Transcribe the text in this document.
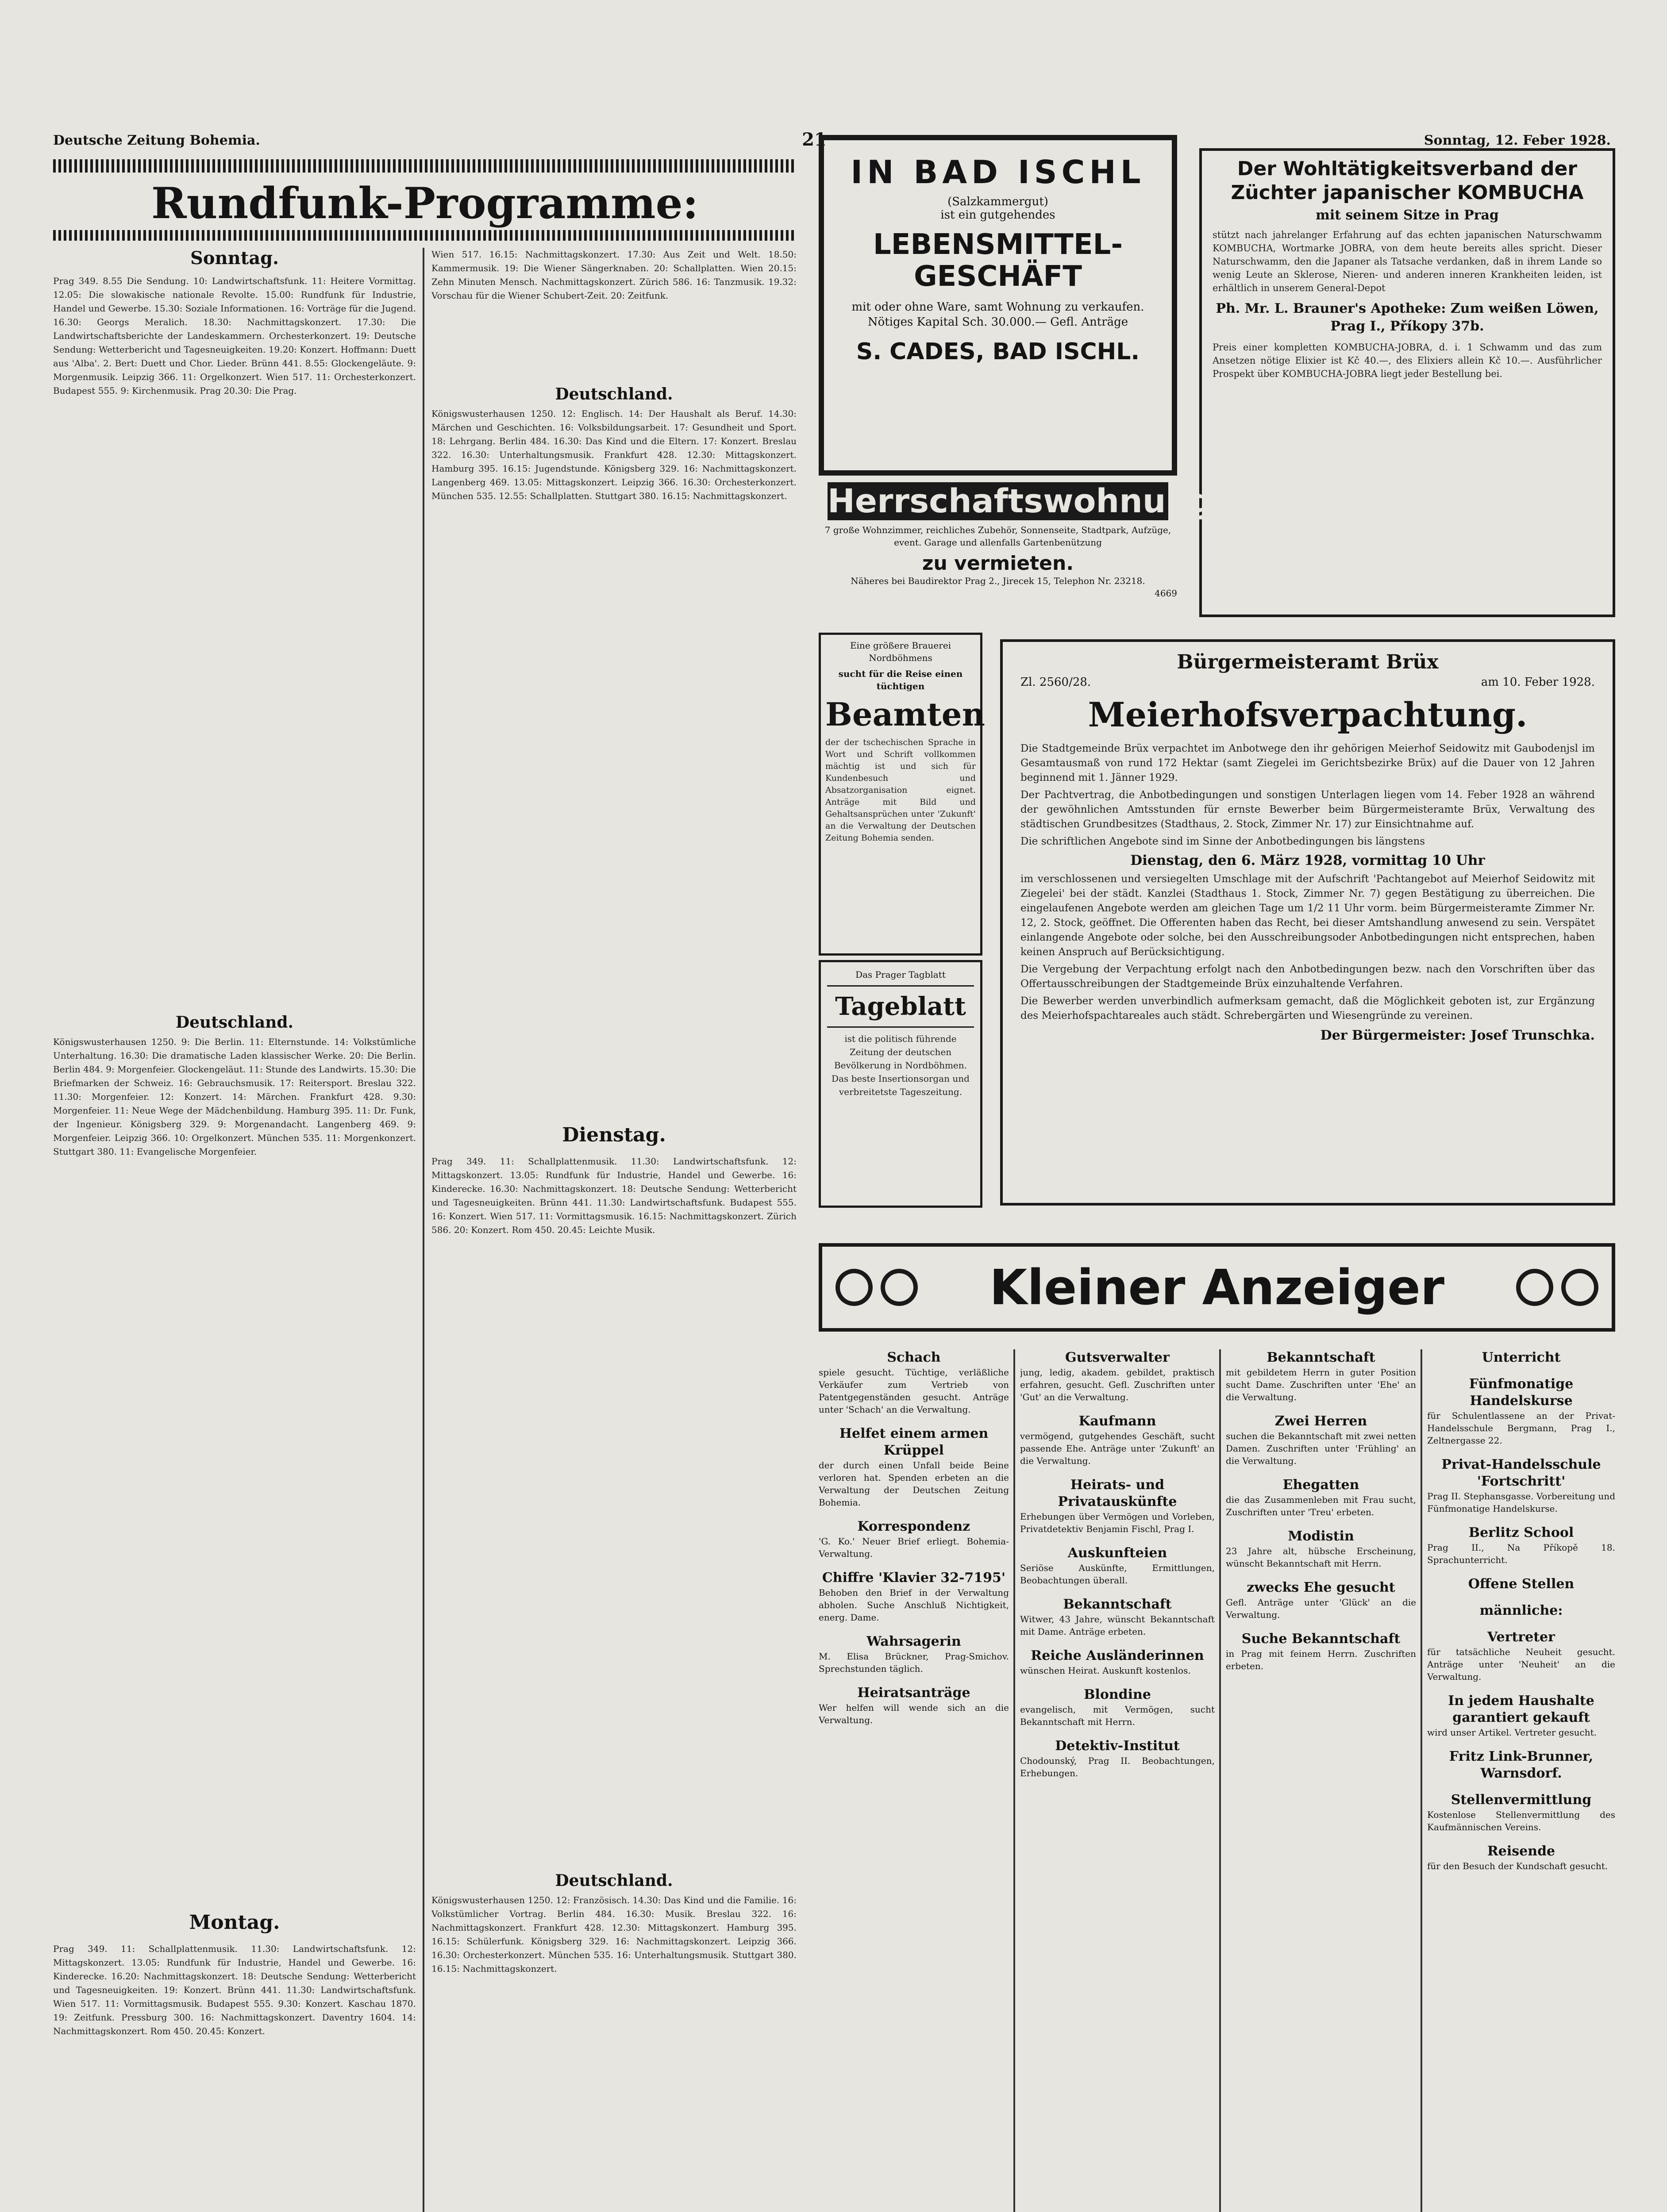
Deutsche Zeitung Bohemia.	21	Sonntag, 12. Feber 1928.
Rundfunk-Programme:
Sonntag.
Prag 349. 8.55 Die Sendung. 10: Landwirtschaftsfunk. 11: Heitere Vormittag. 12.05: Die slowakische nationale Revolte. 15.00: Rundfunk für Industrie, Handel und Gewerbe. 15.30: Soziale Informationen. 16: Vorträge für die Jugend. 16.30: Georgs Meralich. 18.30: Nachmittagskonzert. 17.30: Die Landwirtschaftsberichte der Landeskammern. Orchesterkonzert. 19: Deutsche Sendung: Wetterbericht und Tagesneuigkeiten. 19.20: Konzert. Hoffmann: Duett aus 'Alba'. 2. Bert: Duett und Chor. Lieder. Brünn 441. 8.55: Glockengeläute. 9: Morgenmusik. Leipzig 366. 11: Orgelkonzert. Wien 517. 11: Orchesterkonzert. Budapest 555. 9: Kirchenmusik. Prag 20.30: Die Prag.
Deutschland.
Königswusterhausen 1250. 9: Die Berlin. 11: Elternstunde. 14: Volkstümliche Unterhaltung. 16.30: Die dramatische Laden klassischer Werke. 20: Die Berlin. Berlin 484. 9: Morgenfeier. Glockengeläut. 11: Stunde des Landwirts. 15.30: Die Briefmarken der Schweiz. 16: Gebrauchsmusik. 17: Reitersport. Breslau 322. 11.30: Morgenfeier. 12: Konzert. 14: Märchen. Frankfurt 428. 9.30: Morgenfeier. 11: Neue Wege der Mädchenbildung. Hamburg 395. 11: Dr. Funk, der Ingenieur. Königsberg 329. 9: Morgenandacht. Langenberg 469. 9: Morgenfeier. Leipzig 366. 10: Orgelkonzert. München 535. 11: Morgenkonzert. Stuttgart 380. 11: Evangelische Morgenfeier.
Montag.
Prag 349. 11: Schallplattenmusik. 11.30: Landwirtschaftsfunk. 12: Mittagskonzert. 13.05: Rundfunk für Industrie, Handel und Gewerbe. 16: Kinderecke. 16.20: Nachmittagskonzert. 18: Deutsche Sendung: Wetterbericht und Tagesneuigkeiten. 19: Konzert. Brünn 441. 11.30: Landwirtschaftsfunk. Wien 517. 11: Vormittagsmusik. Budapest 555. 9.30: Konzert. Kaschau 1870. 19: Zeitfunk. Pressburg 300. 16: Nachmittagskonzert. Daventry 1604. 14: Nachmittagskonzert. Rom 450. 20.45: Konzert.
Wien 517. 16.15: Nachmittagskonzert. 17.30: Aus Zeit und Welt. 18.50: Kammermusik. 19: Die Wiener Sängerknaben. 20: Schallplatten. Wien 20.15: Zehn Minuten Mensch. Nachmittagskonzert. Zürich 586. 16: Tanzmusik. 19.32: Vorschau für die Wiener Schubert-Zeit. 20: Zeitfunk.
Deutschland.
Königswusterhausen 1250. 12: Englisch. 14: Der Haushalt als Beruf. 14.30: Märchen und Geschichten. 16: Volksbildungsarbeit. 17: Gesundheit und Sport. 18: Lehrgang. Berlin 484. 16.30: Das Kind und die Eltern. 17: Konzert. Breslau 322. 16.30: Unterhaltungsmusik. Frankfurt 428. 12.30: Mittagskonzert. Hamburg 395. 16.15: Jugendstunde. Königsberg 329. 16: Nachmittagskonzert. Langenberg 469. 13.05: Mittagskonzert. Leipzig 366. 16.30: Orchesterkonzert. München 535. 12.55: Schallplatten. Stuttgart 380. 16.15: Nachmittagskonzert.
Dienstag.
Prag 349. 11: Schallplattenmusik. 11.30: Landwirtschaftsfunk. 12: Mittagskonzert. 13.05: Rundfunk für Industrie, Handel und Gewerbe. 16: Kinderecke. 16.30: Nachmittagskonzert. 18: Deutsche Sendung: Wetterbericht und Tagesneuigkeiten. Brünn 441. 11.30: Landwirtschaftsfunk. Budapest 555. 16: Konzert. Wien 517. 11: Vormittagsmusik. 16.15: Nachmittagskonzert. Zürich 586. 20: Konzert. Rom 450. 20.45: Leichte Musik.
Deutschland.
Königswusterhausen 1250. 12: Französisch. 14.30: Das Kind und die Familie. 16: Volkstümlicher Vortrag. Berlin 484. 16.30: Musik. Breslau 322. 16: Nachmittagskonzert. Frankfurt 428. 12.30: Mittagskonzert. Hamburg 395. 16.15: Schülerfunk. Königsberg 329. 16: Nachmittagskonzert. Leipzig 366. 16.30: Orchesterkonzert. München 535. 16: Unterhaltungsmusik. Stuttgart 380. 16.15: Nachmittagskonzert.
IN BAD ISCHL
(Salzkammergut)
ist ein gutgehendes
LEBENSMITTEL-GESCHÄFT
mit oder ohne Ware, samt Wohnung zu verkaufen. Nötiges Kapital Sch. 30.000.— Gefl. Anträge
S. CADES, BAD ISCHL.
Der Wohltätigkeitsverband der Züchter japanischer KOMBUCHA
mit seinem Sitze in Prag
stützt nach jahrelanger Erfahrung auf das echten japanischen Naturschwamm KOMBUCHA, Wortmarke JOBRA, von dem heute bereits alles spricht. Dieser Naturschwamm, den die Japaner als Tatsache verdanken, daß in ihrem Lande so wenig Leute an Sklerose, Nieren- und anderen inneren Krankheiten leiden, ist erhältlich in unserem General-Depot
Ph. Mr. L. Brauner's Apotheke: Zum weißen Löwen, Prag I., Příkopy 37b.
Preis einer kompletten KOMBUCHA-JOBRA, d. i. 1 Schwamm und das zum Ansetzen nötige Elixier ist Kč 40.—, des Elixiers allein Kč 10.—. Ausführlicher Prospekt über KOMBUCHA-JOBRA liegt jeder Bestellung bei.
Herrschaftswohnung
7 große Wohnzimmer, reichliches Zubehör, Sonnenseite, Stadtpark, Aufzüge, event. Garage und allenfalls Gartenbenützung
zu vermieten.
Näheres bei Baudirektor Prag 2., Jirecek 15, Telephon Nr. 23218.
4669
Eine größere Brauerei Nordböhmens
sucht für die Reise einen tüchtigen
Beamten
der der tschechischen Sprache in Wort und Schrift vollkommen mächtig ist und sich für Kundenbesuch und Absatzorganisation eignet. Anträge mit Bild und Gehaltsansprüchen unter 'Zukunft' an die Verwaltung der Deutschen Zeitung Bohemia senden.
Das Prager Tagblatt
Tageblatt
ist die politisch führende Zeitung der deutschen Bevölkerung in Nordböhmen. Das beste Insertionsorgan und verbreitetste Tageszeitung.
Bürgermeisteramt Brüx
Zl. 2560/28.	am 10. Feber 1928.
Meierhofsverpachtung.
Die Stadtgemeinde Brüx verpachtet im Anbotwege den ihr gehörigen Meierhof Seidowitz mit Gaubodenjsl im Gesamtausmaß von rund 172 Hektar (samt Ziegelei im Gerichtsbezirke Brüx) auf die Dauer von 12 Jahren beginnend mit 1. Jänner 1929.
Der Pachtvertrag, die Anbotbedingungen und sonstigen Unterlagen liegen vom 14. Feber 1928 an während der gewöhnlichen Amtsstunden für ernste Bewerber beim Bürgermeisteramte Brüx, Verwaltung des städtischen Grundbesitzes (Stadthaus, 2. Stock, Zimmer Nr. 17) zur Einsichtnahme auf.
Die schriftlichen Angebote sind im Sinne der Anbotbedingungen bis längstens
Dienstag, den 6. März 1928, vormittag 10 Uhr
im verschlossenen und versiegelten Umschlage mit der Aufschrift 'Pachtangebot auf Meierhof Seidowitz mit Ziegelei' bei der städt. Kanzlei (Stadthaus 1. Stock, Zimmer Nr. 7) gegen Bestätigung zu überreichen. Die eingelaufenen Angebote werden am gleichen Tage um 1/2 11 Uhr vorm. beim Bürgermeisteramte Zimmer Nr. 12, 2. Stock, geöffnet. Die Offerenten haben das Recht, bei dieser Amtshandlung anwesend zu sein. Verspätet einlangende Angebote oder solche, bei den Ausschreibungsoder Anbotbedingungen nicht entsprechen, haben keinen Anspruch auf Berücksichtigung.
Die Vergebung der Verpachtung erfolgt nach den Anbotbedingungen bezw. nach den Vorschriften über das Offertausschreibungen der Stadtgemeinde Brüx einzuhaltende Verfahren.
Die Bewerber werden unverbindlich aufmerksam gemacht, daß die Möglichkeit geboten ist, zur Ergänzung des Meierhofspachtareales auch städt. Schrebergärten und Wiesengründe zu vereinen.
Der Bürgermeister: Josef Trunschka.
Kleiner Anzeiger
Schach
spiele gesucht. Tüchtige, verläßliche Verkäufer zum Vertrieb von Patentgegenständen gesucht. Anträge unter 'Schach' an die Verwaltung.
Helfet einem armen Krüppel
der durch einen Unfall beide Beine verloren hat. Spenden erbeten an die Verwaltung der Deutschen Zeitung Bohemia.
Korrespondenz
'G. Ko.' Neuer Brief erliegt. Bohemia-Verwaltung.
Chiffre 'Klavier 32-7195'
Behoben den Brief in der Verwaltung abholen. Suche Anschluß Nichtigkeit, energ. Dame.
Wahrsagerin
M. Elisa Brückner, Prag-Smichov. Sprechstunden täglich.
Heiratsanträge
Wer helfen will wende sich an die Verwaltung.
Gutsverwalter
jung, ledig, akadem. gebildet, praktisch erfahren, gesucht. Gefl. Zuschriften unter 'Gut' an die Verwaltung.
Kaufmann
vermögend, gutgehendes Geschäft, sucht passende Ehe. Anträge unter 'Zukunft' an die Verwaltung.
Heirats- und Privatauskünfte
Erhebungen über Vermögen und Vorleben, Privatdetektiv Benjamin Fischl, Prag I.
Auskunfteien
Seriöse Auskünfte, Ermittlungen, Beobachtungen überall.
Bekanntschaft
Witwer, 43 Jahre, wünscht Bekanntschaft mit Dame. Anträge erbeten.
Reiche Ausländerinnen
wünschen Heirat. Auskunft kostenlos.
Blondine
evangelisch, mit Vermögen, sucht Bekanntschaft mit Herrn.
Detektiv-Institut
Chodounský, Prag II. Beobachtungen, Erhebungen.
Bekanntschaft
mit gebildetem Herrn in guter Position sucht Dame. Zuschriften unter 'Ehe' an die Verwaltung.
Zwei Herren
suchen die Bekanntschaft mit zwei netten Damen. Zuschriften unter 'Frühling' an die Verwaltung.
Ehegatten
die das Zusammenleben mit Frau sucht, Zuschriften unter 'Treu' erbeten.
Modistin
23 Jahre alt, hübsche Erscheinung, wünscht Bekanntschaft mit Herrn.
zwecks Ehe gesucht
Gefl. Anträge unter 'Glück' an die Verwaltung.
Suche Bekanntschaft
in Prag mit feinem Herrn. Zuschriften erbeten.
Unterricht
Fünfmonatige Handelskurse
für Schulentlassene an der Privat-Handelsschule Bergmann, Prag I., Zeltnergasse 22.
Privat-Handelsschule 'Fortschritt'
Prag II. Stephansgasse. Vorbereitung und Fünfmonatige Handelskurse.
Berlitz School
Prag II., Na Příkopě 18. Sprachunterricht.
Offene Stellen
männliche:
Vertreter
für tatsächliche Neuheit gesucht. Anträge unter 'Neuheit' an die Verwaltung.
In jedem Haushalte garantiert gekauft
wird unser Artikel. Vertreter gesucht.
Fritz Link-Brunner, Warnsdorf.
Stellenvermittlung
Kostenlose Stellenvermittlung des Kaufmännischen Vereins.
Reisende
für den Besuch der Kundschaft gesucht.
